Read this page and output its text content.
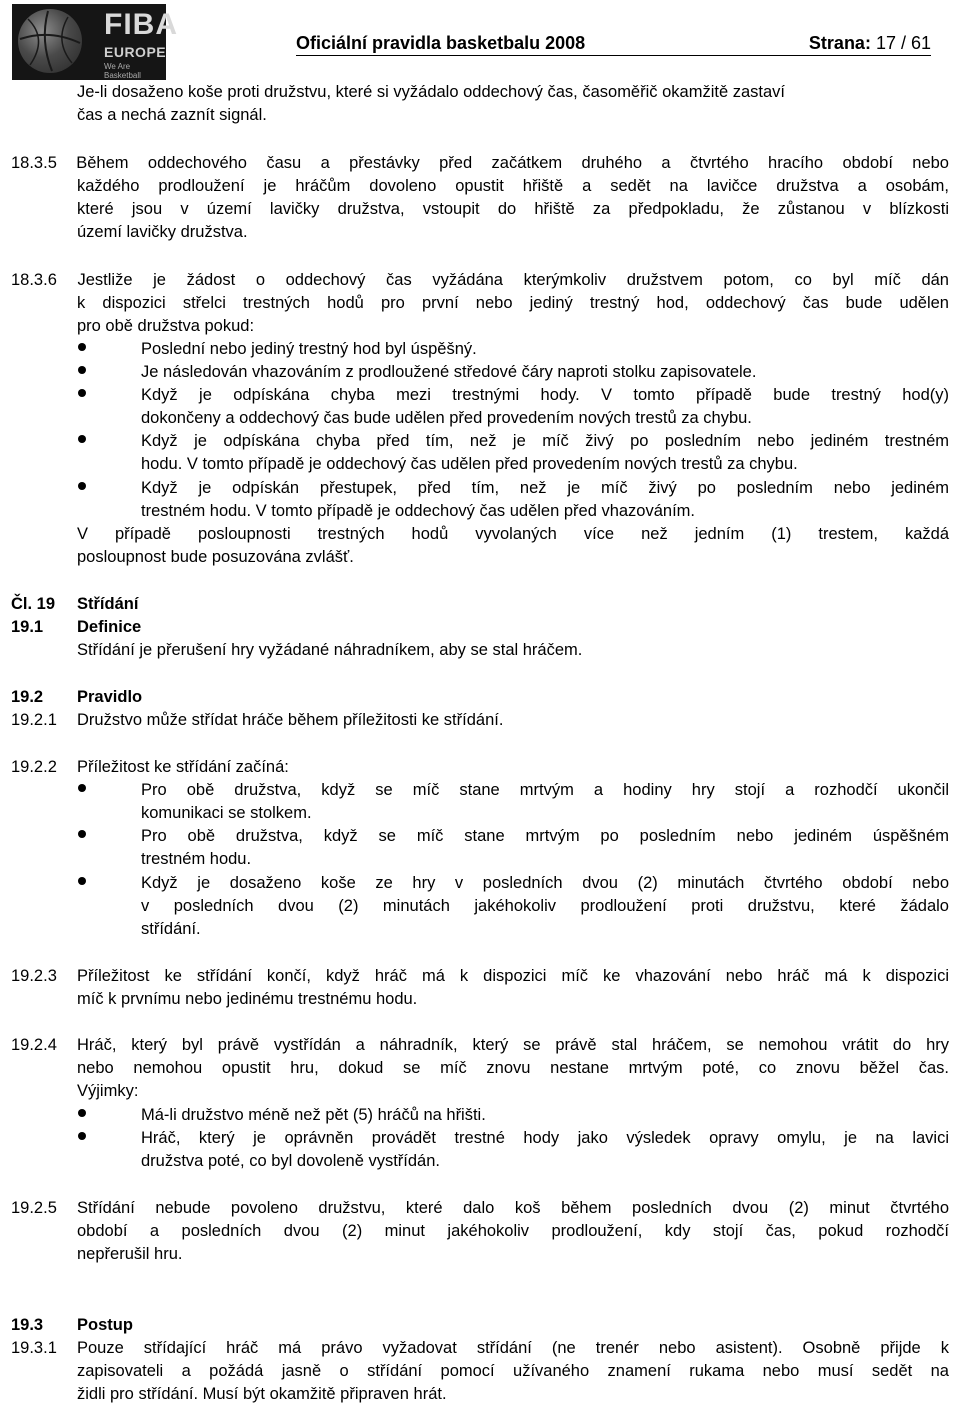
FIBA
EUROPE
We Are Basketball
Oficiální pravidla basketbalu 2008	Strana: 17 / 61
Je-li dosaženo koše proti družstvu, které si vyžádalo oddechový čas, časoměřič okamžitě zastaví
čas a nechá zaznít signál.
18.3.5 Během oddechového času a přestávky před začátkem druhého a čtvrtého hracího období nebo
každého prodloužení je hráčům dovoleno opustit hřiště a sedět na lavičce družstva a osobám,
které jsou v území lavičky družstva, vstoupit do hřiště za předpokladu, že zůstanou v blízkosti
území lavičky družstva.
18.3.6 Jestliže je žádost o oddechový čas vyžádána kterýmkoliv družstvem potom, co byl míč dán
k dispozici střelci trestných hodů pro první nebo jediný trestný hod, oddechový čas bude udělen
pro obě družstva pokud:
Poslední nebo jediný trestný hod byl úspěšný.
Je následován vhazováním z prodloužené středové čáry naproti stolku zapisovatele.
Když je odpískána chyba mezi trestnými hody. V tomto případě bude trestný hod(y)
dokončeny a oddechový čas bude udělen před provedením nových trestů za chybu.
Když je odpískána chyba před tím, než je míč živý po posledním nebo jediném trestném
hodu. V tomto případě je oddechový čas udělen před provedením nových trestů za chybu.
Když je odpískán přestupek, před tím, než je míč živý po posledním nebo jediném
trestném hodu. V tomto případě je oddechový čas udělen před vhazováním.
V případě posloupnosti trestných hodů vyvolaných více než jedním (1) trestem, každá
posloupnost bude posuzována zvlášť.
Čl. 19 Střídání
19.1 Definice
Střídání je přerušení hry vyžádané náhradníkem, aby se stal hráčem.
19.2 Pravidlo
19.2.1 Družstvo může střídat hráče během příležitosti ke střídání.
19.2.2 Příležitost ke střídání začíná:
Pro obě družstva, když se míč stane mrtvým a hodiny hry stojí a rozhodčí ukončil
komunikaci se stolkem.
Pro obě družstva, když se míč stane mrtvým po posledním nebo jediném úspěšném
trestném hodu.
Když je dosaženo koše ze hry v posledních dvou (2) minutách čtvrtého období nebo
v posledních dvou (2) minutách jakéhokoliv prodloužení proti družstvu, které žádalo
střídání.
19.2.3 Příležitost ke střídání končí, když hráč má k dispozici míč ke vhazování nebo hráč má k dispozici
míč k prvnímu nebo jedinému trestnému hodu.
19.2.4 Hráč, který byl právě vystřídán a náhradník, který se právě stal hráčem, se nemohou vrátit do hry
nebo nemohou opustit hru, dokud se míč znovu nestane mrtvým poté, co znovu běžel čas.
Výjimky:
Má-li družstvo méně než pět (5) hráčů na hřišti.
Hráč, který je oprávněn provádět trestné hody jako výsledek opravy omylu, je na lavici
družstva poté, co byl dovoleně vystřídán.
19.2.5 Střídání nebude povoleno družstvu, které dalo koš během posledních dvou (2) minut čtvrtého
období a posledních dvou (2) minut jakéhokoliv prodloužení, kdy stojí čas, pokud rozhodčí
nepřerušil hru.
19.3 Postup
19.3.1 Pouze střídající hráč má právo vyžadovat střídání (ne trenér nebo asistent). Osobně přijde k
zapisovateli a požádá jasně o střídání pomocí užívaného znamení rukama nebo musí sedět na
židli pro střídání. Musí být okamžitě připraven hrát.
